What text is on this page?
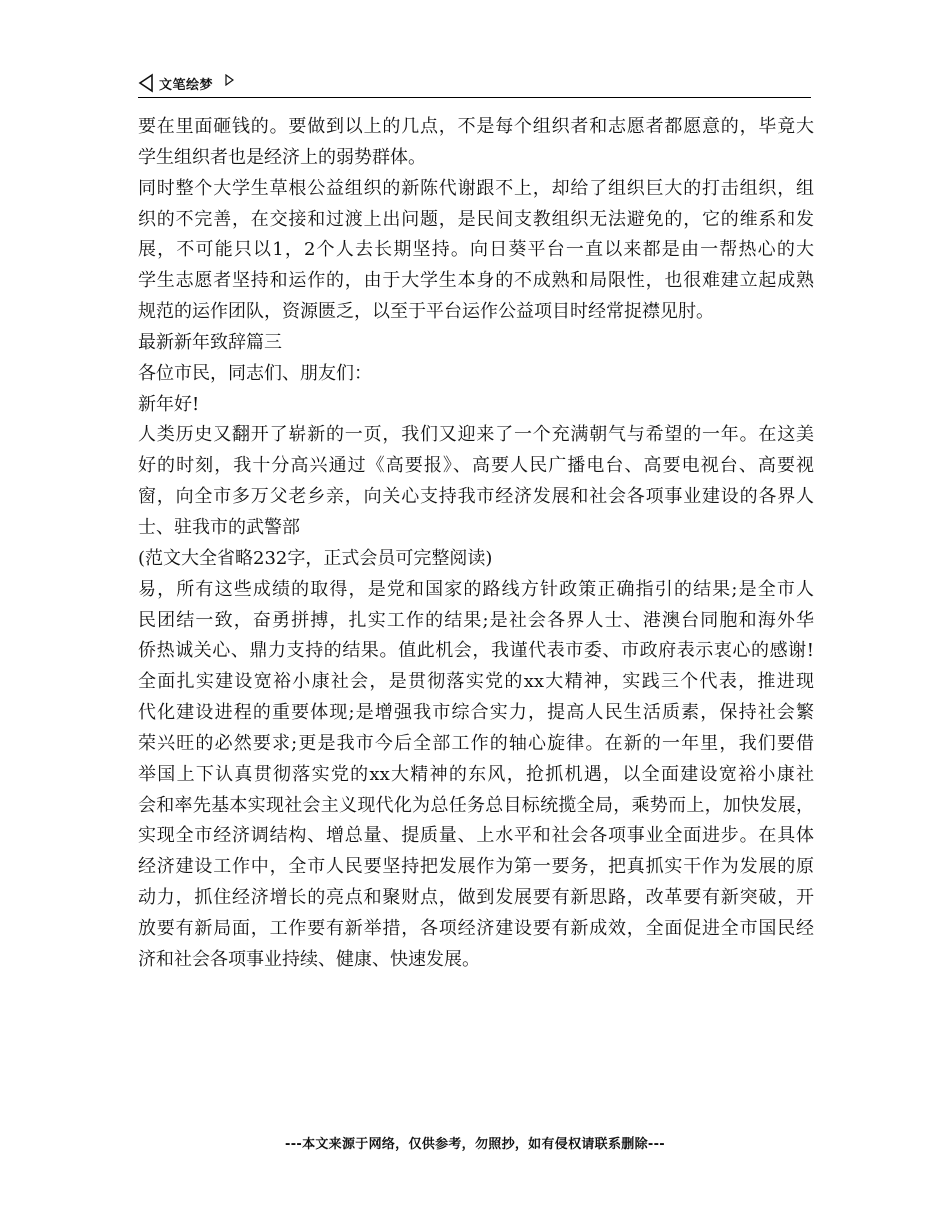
文笔绘梦
要在里面砸钱的。要做到以上的几点，不是每个组织者和志愿者都愿意的，毕竟大
学生组织者也是经济上的弱势群体。
同时整个大学生草根公益组织的新陈代谢跟不上，却给了组织巨大的打击组织，组
织的不完善，在交接和过渡上出问题，是民间支教组织无法避免的，它的维系和发
展，不可能只以1，2个人去长期坚持。向日葵平台一直以来都是由一帮热心的大
学生志愿者坚持和运作的，由于大学生本身的不成熟和局限性，也很难建立起成熟
规范的运作团队，资源匮乏，以至于平台运作公益项目时经常捉襟见肘。
最新新年致辞篇三
各位市民，同志们、朋友们：
新年好!
人类历史又翻开了崭新的一页，我们又迎来了一个充满朝气与希望的一年。在这美
好的时刻，我十分高兴通过《高要报》、高要人民广播电台、高要电视台、高要视
窗，向全市多万父老乡亲，向关心支持我市经济发展和社会各项事业建设的各界人
士、驻我市的武警部
(范文大全省略232字，正式会员可完整阅读)
易，所有这些成绩的取得，是党和国家的路线方针政策正确指引的结果;是全市人
民团结一致，奋勇拼搏，扎实工作的结果;是社会各界人士、港澳台同胞和海外华
侨热诚关心、鼎力支持的结果。值此机会，我谨代表市委、市政府表示衷心的感谢!
全面扎实建设宽裕小康社会，是贯彻落实党的xx大精神，实践三个代表，推进现
代化建设进程的重要体现;是增强我市综合实力，提高人民生活质素，保持社会繁
荣兴旺的必然要求;更是我市今后全部工作的轴心旋律。在新的一年里，我们要借
举国上下认真贯彻落实党的xx大精神的东风，抢抓机遇，以全面建设宽裕小康社
会和率先基本实现社会主义现代化为总任务总目标统揽全局，乘势而上，加快发展，
实现全市经济调结构、增总量、提质量、上水平和社会各项事业全面进步。在具体
经济建设工作中，全市人民要坚持把发展作为第一要务，把真抓实干作为发展的原
动力，抓住经济增长的亮点和聚财点，做到发展要有新思路，改革要有新突破，开
放要有新局面，工作要有新举措，各项经济建设要有新成效，全面促进全市国民经
济和社会各项事业持续、健康、快速发展。
---本文来源于网络，仅供参考，勿照抄，如有侵权请联系删除---
